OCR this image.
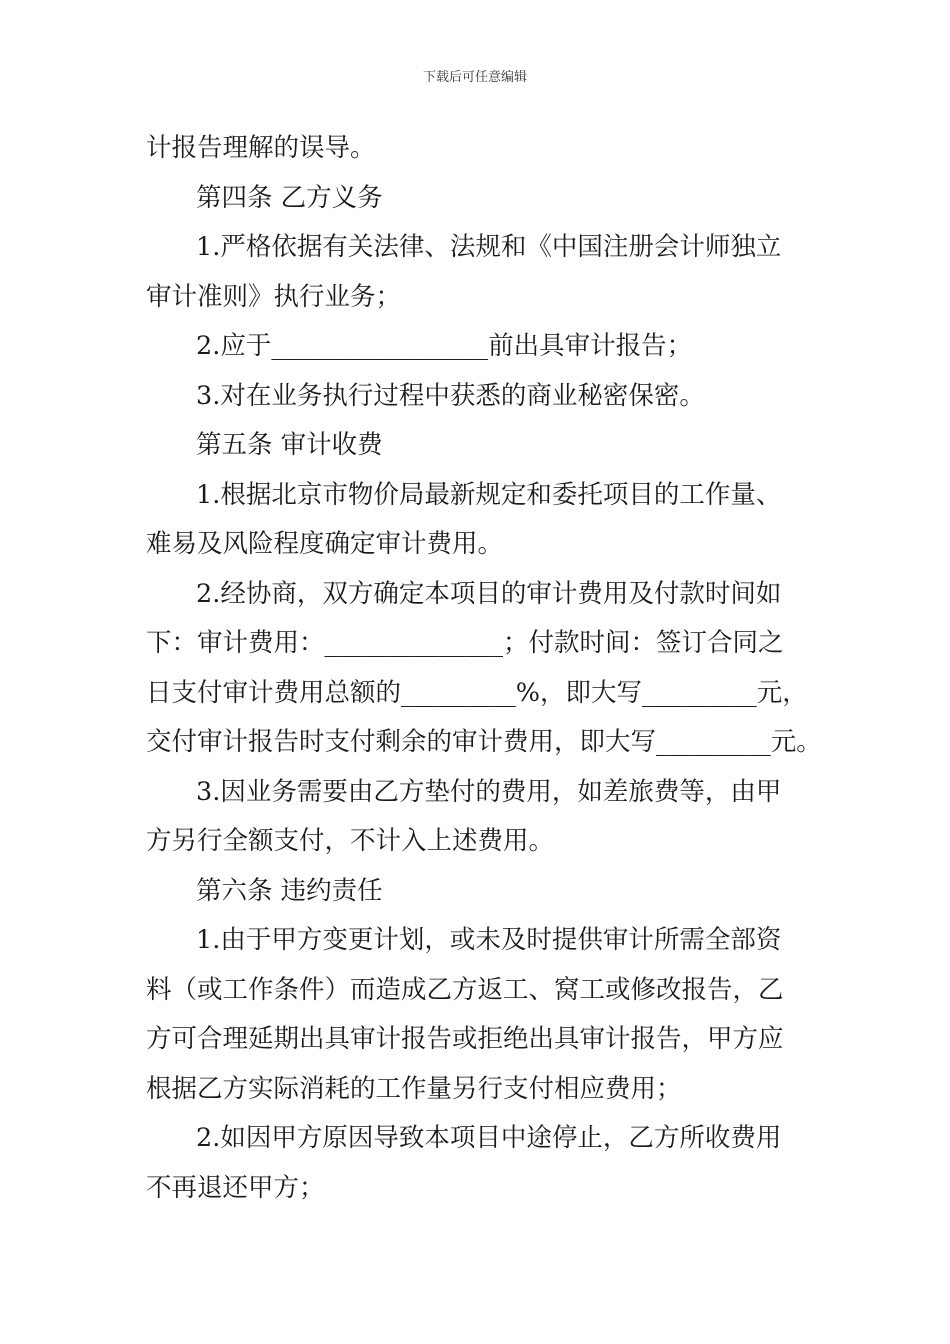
下载后可任意编辑
计报告理解的误导。
第四条 乙方义务
1.严格依据有关法律、法规和《中国注册会计师独立
审计准则》执行业务；
2.应于_________________前出具审计报告；
3.对在业务执行过程中获悉的商业秘密保密。
第五条 审计收费
1.根据北京市物价局最新规定和委托项目的工作量、
难易及风险程度确定审计费用。
2.经协商，双方确定本项目的审计费用及付款时间如
下：审计费用：______________；付款时间：签订合同之
日支付审计费用总额的_________%，即大写_________元，
交付审计报告时支付剩余的审计费用，即大写_________元。
3.因业务需要由乙方垫付的费用，如差旅费等，由甲
方另行全额支付，不计入上述费用。
第六条 违约责任
1.由于甲方变更计划，或未及时提供审计所需全部资
料（或工作条件）而造成乙方返工、窝工或修改报告，乙
方可合理延期出具审计报告或拒绝出具审计报告，甲方应
根据乙方实际消耗的工作量另行支付相应费用；
2.如因甲方原因导致本项目中途停止，乙方所收费用
不再退还甲方；
